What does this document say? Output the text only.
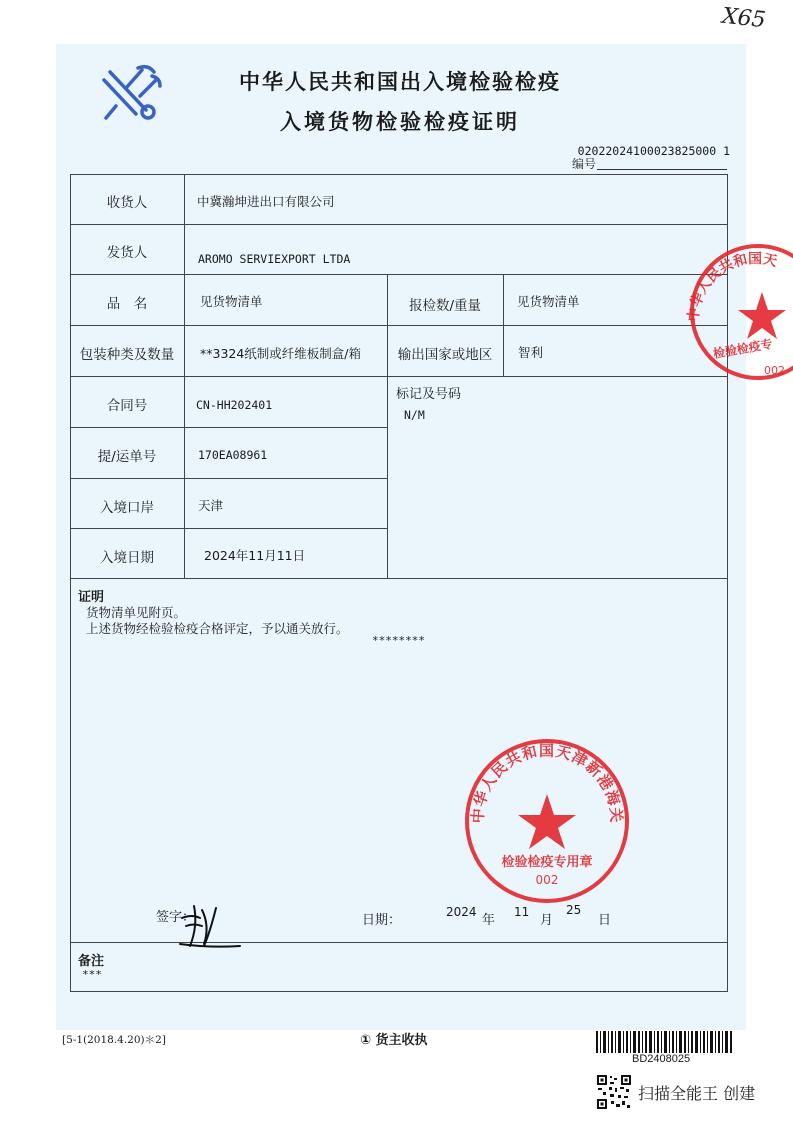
X65
中华人民共和国出入境检验检疫
入境货物检验检疫证明
02022024100023825000 1
编号
收货人	中冀瀚坤进出口有限公司
发货人	AROMO SERVIEXPORT LTDA
品　名	见货物清单	报检数/重量	见货物清单
包装种类及数量	**3324纸制或纤维板制盒/箱	输出国家或地区	智利
合同号	CN-HH202401
标记及号码
N/M
提/运单号	170EA08961
入境口岸	天津
入境日期	2024年11月11日
证明
货物清单见附页。
上述货物经检验检疫合格评定，予以通关放行。
********
中华人民共和国天津新港海关
检验检疫专用章
002
中华人民共和国天
检验检疫专
002
签字：	日期：
2024
年
11
月
25
日
备注
***
[5-1(2018.4.20)＊2]	① 货主收执
BD2408025
扫描全能王 创建
